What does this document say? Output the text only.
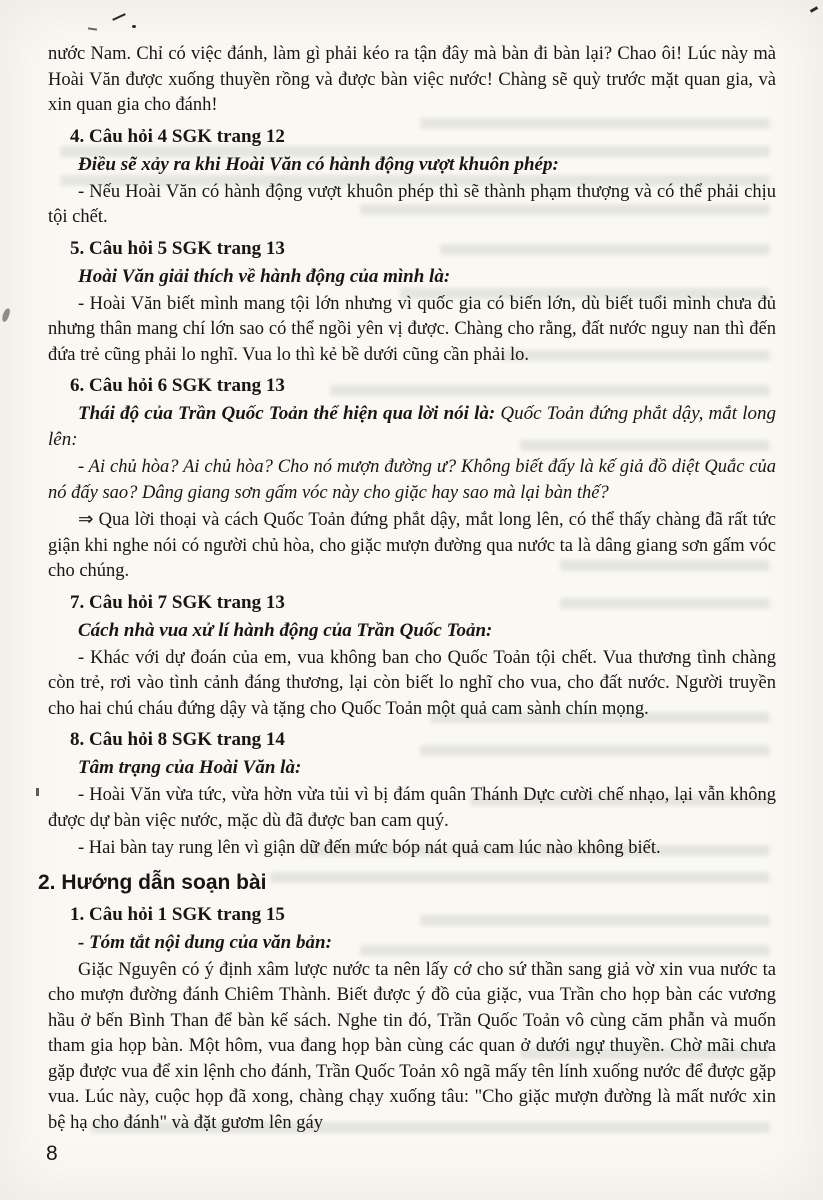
nước Nam. Chỉ có việc đánh, làm gì phải kéo ra tận đây mà bàn đi bàn lại? Chao ôi! Lúc này mà Hoài Văn được xuống thuyền rồng và được bàn việc nước! Chàng sẽ quỳ trước mặt quan gia, và xin quan gia cho đánh!

4. Câu hỏi 4 SGK trang 12

Điều sẽ xảy ra khi Hoài Văn có hành động vượt khuôn phép:

- Nếu Hoài Văn có hành động vượt khuôn phép thì sẽ thành phạm thượng và có thể phải chịu tội chết.

5. Câu hỏi 5 SGK trang 13

Hoài Văn giải thích về hành động của mình là:

- Hoài Văn biết mình mang tội lớn nhưng vì quốc gia có biến lớn, dù biết tuổi mình chưa đủ nhưng thân mang chí lớn sao có thể ngồi yên vị được. Chàng cho rằng, đất nước nguy nan thì đến đứa trẻ cũng phải lo nghĩ. Vua lo thì kẻ bề dưới cũng cần phải lo.

6. Câu hỏi 6 SGK trang 13

Thái độ của Trần Quốc Toản thể hiện qua lời nói là: Quốc Toản đứng phắt dậy, mắt long lên:

- Ai chủ hòa? Ai chủ hòa? Cho nó mượn đường ư? Không biết đấy là kế giả đồ diệt Quắc của nó đấy sao? Dâng giang sơn gấm vóc này cho giặc hay sao mà lại bàn thế?

⇒ Qua lời thoại và cách Quốc Toản đứng phắt dậy, mắt long lên, có thể thấy chàng đã rất tức giận khi nghe nói có người chủ hòa, cho giặc mượn đường qua nước ta là dâng giang sơn gấm vóc cho chúng.

7. Câu hỏi 7 SGK trang 13

Cách nhà vua xử lí hành động của Trần Quốc Toản:

- Khác với dự đoán của em, vua không ban cho Quốc Toản tội chết. Vua thương tình chàng còn trẻ, rơi vào tình cảnh đáng thương, lại còn biết lo nghĩ cho vua, cho đất nước. Người truyền cho hai chú cháu đứng dậy và tặng cho Quốc Toản một quả cam sành chín mọng.

8. Câu hỏi 8 SGK trang 14

Tâm trạng của Hoài Văn là:

- Hoài Văn vừa tức, vừa hờn vừa tủi vì bị đám quân Thánh Dực cười chế nhạo, lại vẫn không được dự bàn việc nước, mặc dù đã được ban cam quý.

- Hai bàn tay rung lên vì giận dữ đến mức bóp nát quả cam lúc nào không biết.

2. Hướng dẫn soạn bài

1. Câu hỏi 1 SGK trang 15

- Tóm tắt nội dung của văn bản:

Giặc Nguyên có ý định xâm lược nước ta nên lấy cớ cho sứ thần sang giả vờ xin vua nước ta cho mượn đường đánh Chiêm Thành. Biết được ý đồ của giặc, vua Trần cho họp bàn các vương hầu ở bến Bình Than để bàn kế sách. Nghe tin đó, Trần Quốc Toản vô cùng căm phẫn và muốn tham gia họp bàn. Một hôm, vua đang họp bàn cùng các quan ở dưới ngự thuyền. Chờ mãi chưa gặp được vua để xin lệnh cho đánh, Trần Quốc Toản xô ngã mấy tên lính xuống nước để được gặp vua. Lúc này, cuộc họp đã xong, chàng chạy xuống tâu: "Cho giặc mượn đường là mất nước xin bệ hạ cho đánh" và đặt gươm lên gáy

8
